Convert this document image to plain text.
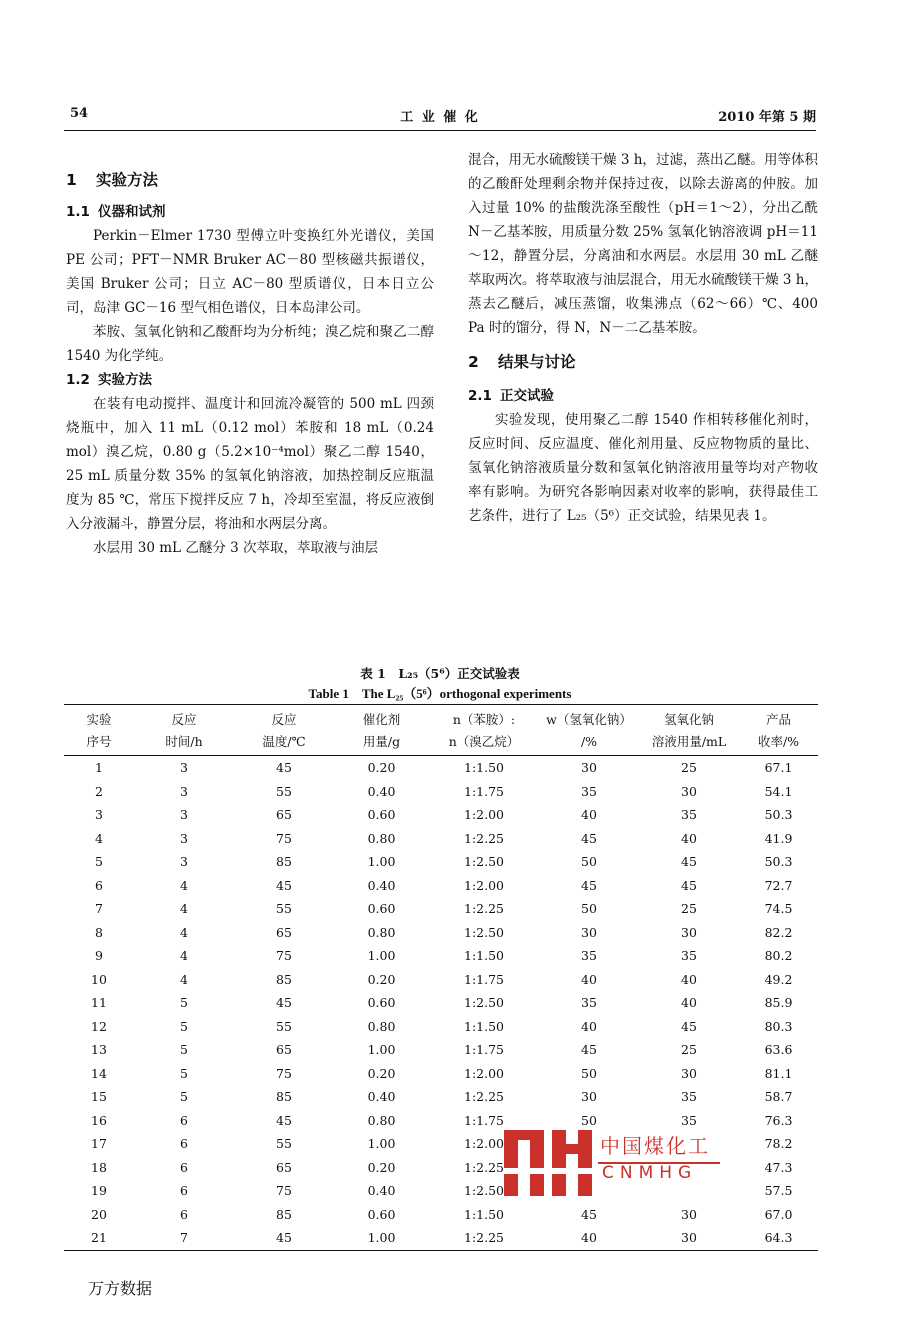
54	工 业 催 化	2010 年第 5 期
1 实验方法
1.1 仪器和试剂

Perkin－Elmer 1730 型傅立叶变换红外光谱仪，美国 PE 公司；PFT－NMR Bruker AC－80 型核磁共振谱仪，美国 Bruker 公司；日立 AC－80 型质谱仪，日本日立公司，岛津 GC－16 型气相色谱仪，日本岛津公司。

苯胺、氢氧化钠和乙酸酐均为分析纯；溴乙烷和聚乙二醇 1540 为化学纯。

1.2 实验方法

在装有电动搅拌、温度计和回流冷凝管的 500 mL 四颈烧瓶中，加入 11 mL（0.12 mol）苯胺和 18 mL（0.24 mol）溴乙烷，0.80 g（5.2×10⁻⁴mol）聚乙二醇 1540，25 mL 质量分数 35% 的氢氧化钠溶液，加热控制反应瓶温度为 85 ℃，常压下搅拌反应 7 h，冷却至室温，将反应液倒入分液漏斗，静置分层，将油和水两层分离。

水层用 30 mL 乙醚分 3 次萃取，萃取液与油层

混合，用无水硫酸镁干燥 3 h，过滤，蒸出乙醚。用等体积的乙酸酐处理剩余物并保持过夜，以除去游离的仲胺。加入过量 10% 的盐酸洗涤至酸性（pH＝1～2），分出乙酰 N－乙基苯胺，用质量分数 25% 氢氧化钠溶液调 pH＝11～12，静置分层，分离油和水两层。水层用 30 mL 乙醚萃取两次。将萃取液与油层混合，用无水硫酸镁干燥 3 h，蒸去乙醚后，减压蒸馏，收集沸点（62～66）℃、400 Pa 时的馏分，得 N，N－二乙基苯胺。

2 结果与讨论
2.1 正交试验

实验发现，使用聚乙二醇 1540 作相转移催化剂时，反应时间、反应温度、催化剂用量、反应物物质的量比、氢氧化钠溶液质量分数和氢氧化钠溶液用量等均对产物收率有影响。为研究各影响因素对收率的影响，获得最佳工艺条件，进行了 L₂₅（5⁶）正交试验，结果见表 1。

表 1　L₂₅（5⁶）正交试验表
Table 1　The L₂₅（5⁶）orthogonal experiments
实验	反应	反应	催化剂	n（苯胺）:	w（氢氧化钠）	氢氧化钠	产品
序号	时间/h	温度/℃	用量/g	n（溴乙烷）	/%	溶液用量/mL	收率/%
1	3	45	0.20	1:1.50	30	25	67.1
2	3	55	0.40	1:1.75	35	30	54.1
3	3	65	0.60	1:2.00	40	35	50.3
4	3	75	0.80	1:2.25	45	40	41.9
5	3	85	1.00	1:2.50	50	45	50.3
6	4	45	0.40	1:2.00	45	45	72.7
7	4	55	0.60	1:2.25	50	25	74.5
8	4	65	0.80	1:2.50	30	30	82.2
9	4	75	1.00	1:1.50	35	35	80.2
10	4	85	0.20	1:1.75	40	40	49.2
11	5	45	0.60	1:2.50	35	40	85.9
12	5	55	0.80	1:1.50	40	45	80.3
13	5	65	1.00	1:1.75	45	25	63.6
14	5	75	0.20	1:2.00	50	30	81.1
15	5	85	0.40	1:2.25	30	35	58.7
16	6	45	0.80	1:1.75	50	35	76.3
17	6	55	1.00	1:2.00			78.2
18	6	65	0.20	1:2.25			47.3
19	6	75	0.40	1:2.50			57.5
20	6	85	0.60	1:1.50	45	30	67.0
21	7	45	1.00	1:2.25	40	30	64.3
万方数据
中国煤化工
CNMHG
